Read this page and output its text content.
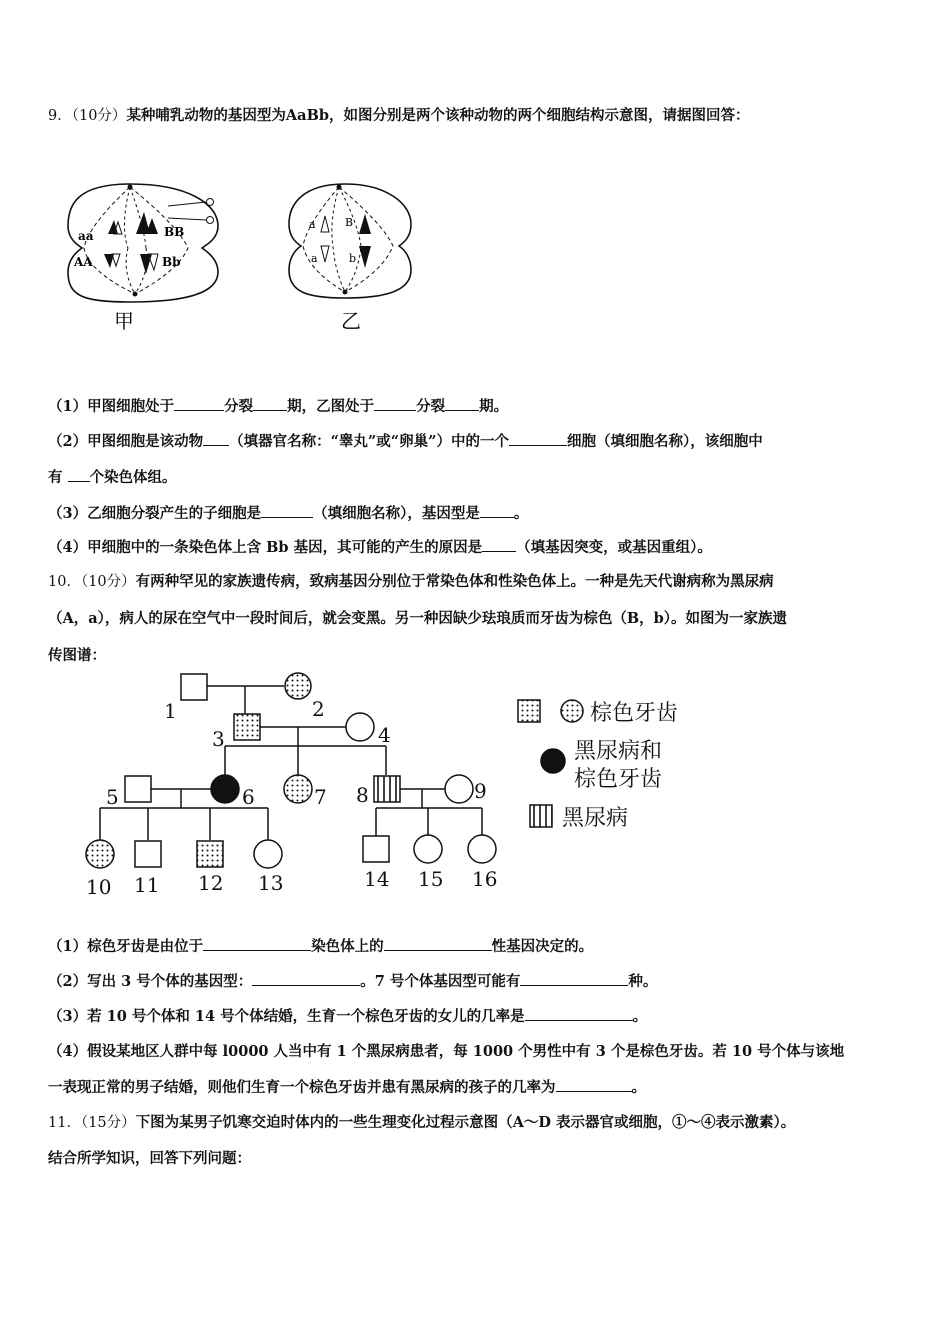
9．（10分）某种哺乳动物的基因型为AaBb，如图分别是两个该种动物的两个细胞结构示意图，请据图回答：
aa
AA
BB
Bb
甲
a	B
a	b
乙
（1）甲图细胞处于	分裂 期，乙图处于	分裂 期。
（2）甲图细胞是该动物 （填器官名称：“睾丸”或“卵巢”）中的一个	细胞（填细胞名称），该细胞中
有 个染色体组。
（3）乙细胞分裂产生的子细胞是	（填细胞名称），基因型是 。
（4）甲细胞中的一条染色体上含 Bb 基因，其可能的产生的原因是 （填基因突变，或基因重组）。
10．（10分）有两种罕见的家族遗传病，致病基因分别位于常染色体和性染色体上。一种是先天代谢病称为黑尿病
（A，a），病人的尿在空气中一段时间后，就会变黑。另一种因缺少珐琅质而牙齿为棕色（B，b）。如图为一家族遗
传图谱：
1	2
3	4
5	6	7 8	9
10 11 12 13	14 15 16
棕色牙齿
黑尿病和
棕色牙齿
黑尿病
（1）棕色牙齿是由位于	染色体上的	性基因决定的。
（2）写出 3 号个体的基因型：	。7 号个体基因型可能有	种。
（3）若 10 号个体和 14 号个体结婚，生育一个棕色牙齿的女儿的几率是	。
（4）假设某地区人群中每 l0000 人当中有 1 个黑尿病患者，每 1000 个男性中有 3 个是棕色牙齿。若 10 号个体与该地
一表现正常的男子结婚，则他们生育一个棕色牙齿并患有黑尿病的孩子的几率为	。
11．（15分）下图为某男子饥寒交迫时体内的一些生理变化过程示意图（A～D 表示器官或细胞，①～④表示激素）。
结合所学知识，回答下列问题：
